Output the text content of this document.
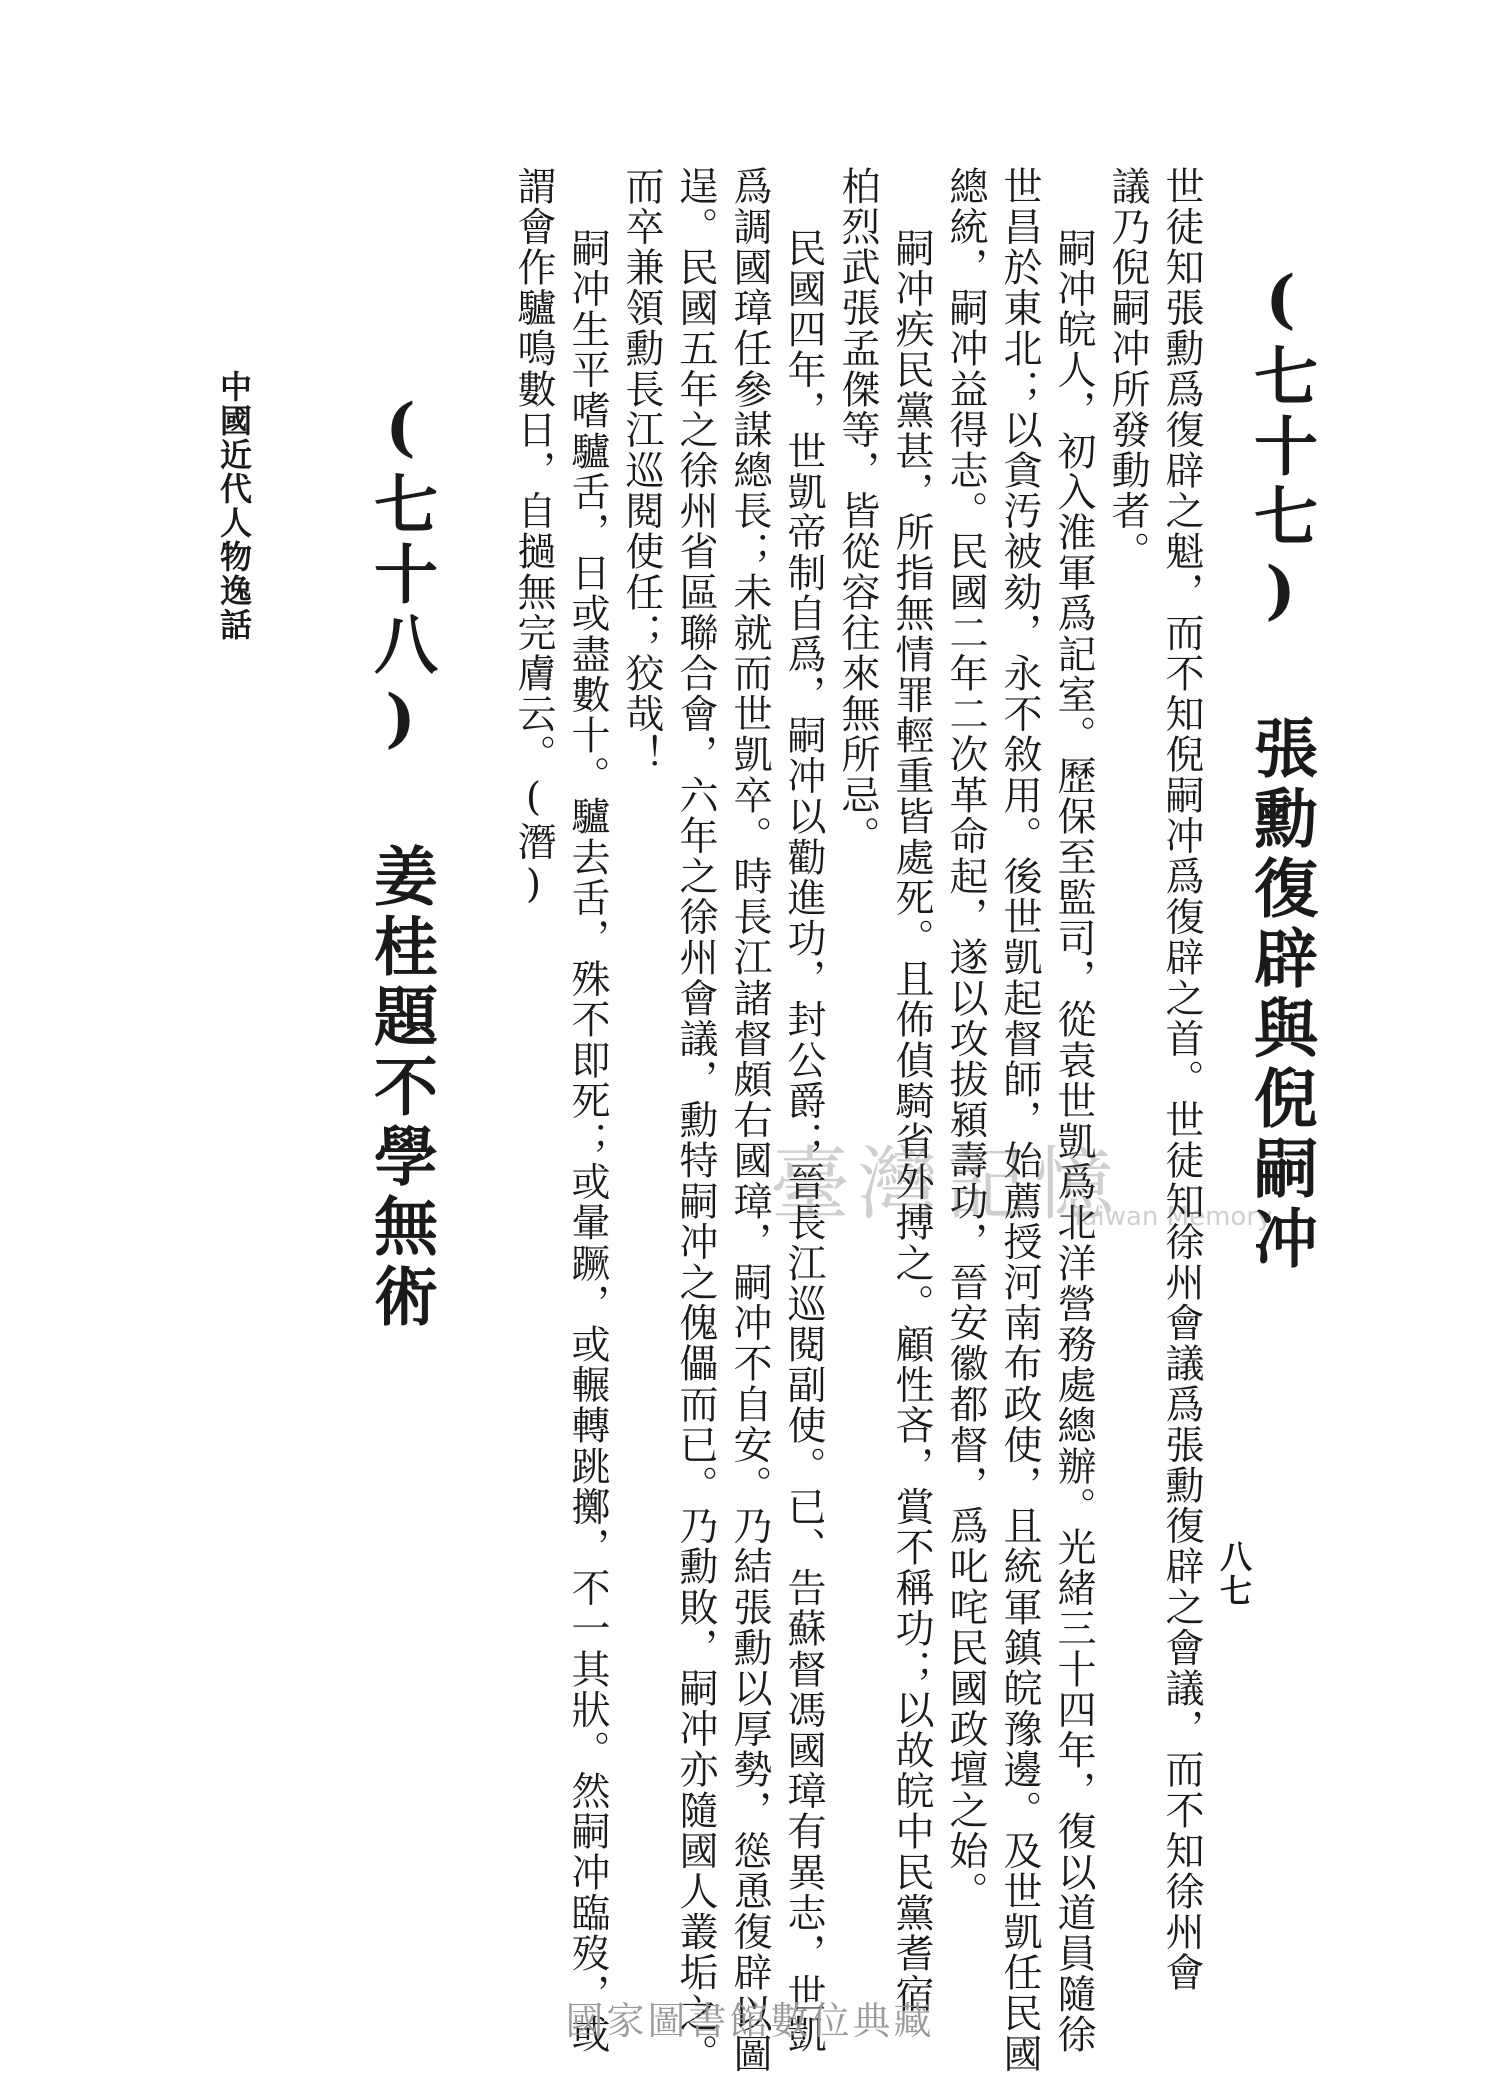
(七十七) 張勳復辟與倪嗣冲
世徒知張勳爲復辟之魁，而不知倪嗣冲爲復辟之首。世徒知徐州會議爲張勳復辟之會議，而不知徐州會
議乃倪嗣冲所發動者。
嗣冲皖人，初入淮軍爲記室。歷保至監司，從袁世凱爲北洋營務處總辦。光緒三十四年，復以道員隨徐
世昌於東北；以貪汚被劾，永不敘用。後世凱起督師，始薦授河南布政使，且統軍鎮皖豫邊。及世凱任民國
總統，嗣冲益得志。民國二年二次革命起，遂以攻拔潁壽功，晉安徽都督，爲叱咤民國政壇之始。
嗣冲疾民黨甚，所指無情罪輕重皆處死。且佈偵騎省外搏之。顧性吝，賞不稱功；以故皖中民黨耆宿
柏烈武張孟傑等，皆從容往來無所忌。
民國四年，世凱帝制自爲，嗣冲以勸進功，封公爵；晉長江巡閱副使。已、告蘇督馮國璋有異志，世凱
爲調國璋任參謀總長；未就而世凱卒。時長江諸督頗右國璋，嗣冲不自安。乃結張勳以厚勢，慫恿復辟以圖
逞。民國五年之徐州省區聯合會，六年之徐州會議，勳特嗣冲之傀儡而已。乃勳敗，嗣冲亦隨國人叢垢之。
而卒兼領勳長江巡閱使任；狡哉！
嗣冲生平嗜驢舌，日或盡數十。驢去舌，殊不即死；或暈蹶，或輾轉跳擲，不一其狀。然嗣冲臨歿，或
謂會作驢鳴數日，自撾無完膚云。(潛)
(七十八) 姜桂題不學無術
中國近代人物逸話
八七
臺灣記憶
Taiwan Memory
國家圖書館數位典藏
